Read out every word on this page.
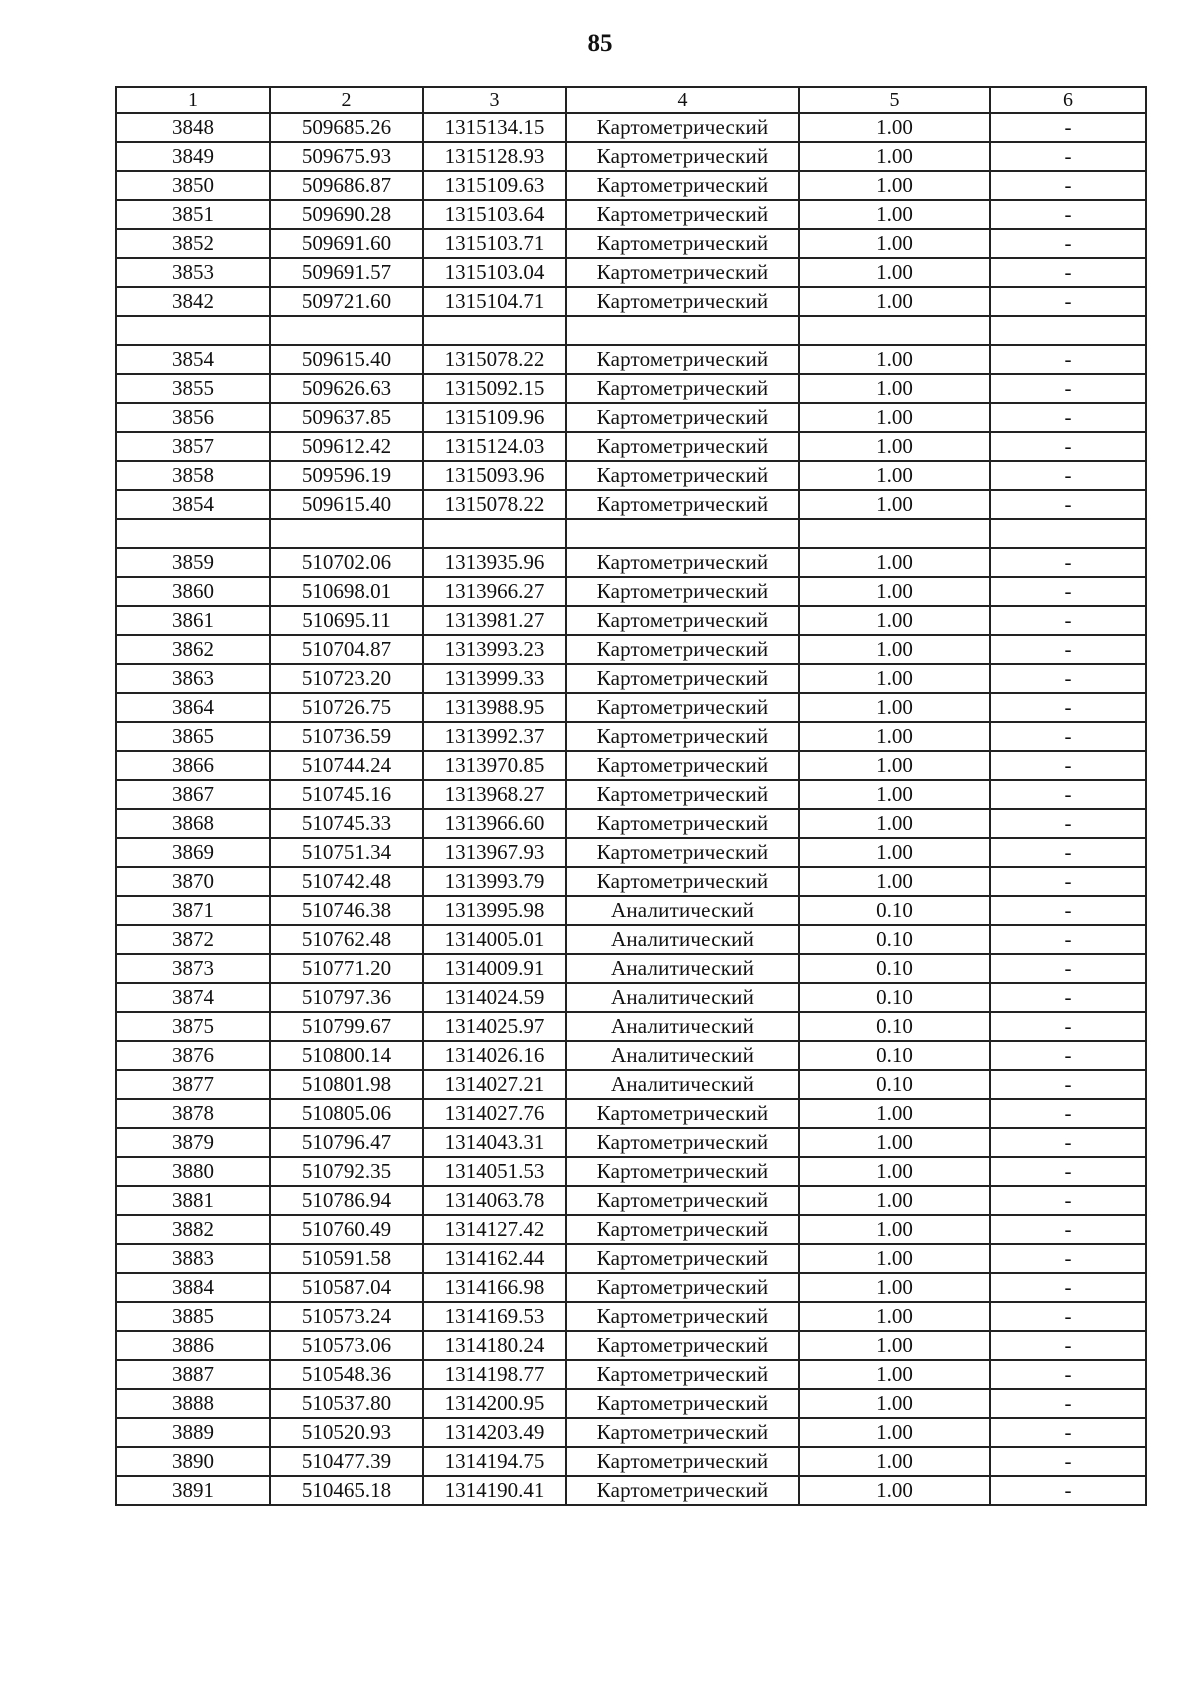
85
1	2	3	4	5	6
3848	509685.26	1315134.15	Картометрический	1.00	-
3849	509675.93	1315128.93	Картометрический	1.00	-
3850	509686.87	1315109.63	Картометрический	1.00	-
3851	509690.28	1315103.64	Картометрический	1.00	-
3852	509691.60	1315103.71	Картометрический	1.00	-
3853	509691.57	1315103.04	Картометрический	1.00	-
3842	509721.60	1315104.71	Картометрический	1.00	-

3854	509615.40	1315078.22	Картометрический	1.00	-
3855	509626.63	1315092.15	Картометрический	1.00	-
3856	509637.85	1315109.96	Картометрический	1.00	-
3857	509612.42	1315124.03	Картометрический	1.00	-
3858	509596.19	1315093.96	Картометрический	1.00	-
3854	509615.40	1315078.22	Картометрический	1.00	-

3859	510702.06	1313935.96	Картометрический	1.00	-
3860	510698.01	1313966.27	Картометрический	1.00	-
3861	510695.11	1313981.27	Картометрический	1.00	-
3862	510704.87	1313993.23	Картометрический	1.00	-
3863	510723.20	1313999.33	Картометрический	1.00	-
3864	510726.75	1313988.95	Картометрический	1.00	-
3865	510736.59	1313992.37	Картометрический	1.00	-
3866	510744.24	1313970.85	Картометрический	1.00	-
3867	510745.16	1313968.27	Картометрический	1.00	-
3868	510745.33	1313966.60	Картометрический	1.00	-
3869	510751.34	1313967.93	Картометрический	1.00	-
3870	510742.48	1313993.79	Картометрический	1.00	-
3871	510746.38	1313995.98	Аналитический	0.10	-
3872	510762.48	1314005.01	Аналитический	0.10	-
3873	510771.20	1314009.91	Аналитический	0.10	-
3874	510797.36	1314024.59	Аналитический	0.10	-
3875	510799.67	1314025.97	Аналитический	0.10	-
3876	510800.14	1314026.16	Аналитический	0.10	-
3877	510801.98	1314027.21	Аналитический	0.10	-
3878	510805.06	1314027.76	Картометрический	1.00	-
3879	510796.47	1314043.31	Картометрический	1.00	-
3880	510792.35	1314051.53	Картометрический	1.00	-
3881	510786.94	1314063.78	Картометрический	1.00	-
3882	510760.49	1314127.42	Картометрический	1.00	-
3883	510591.58	1314162.44	Картометрический	1.00	-
3884	510587.04	1314166.98	Картометрический	1.00	-
3885	510573.24	1314169.53	Картометрический	1.00	-
3886	510573.06	1314180.24	Картометрический	1.00	-
3887	510548.36	1314198.77	Картометрический	1.00	-
3888	510537.80	1314200.95	Картометрический	1.00	-
3889	510520.93	1314203.49	Картометрический	1.00	-
3890	510477.39	1314194.75	Картометрический	1.00	-
3891	510465.18	1314190.41	Картометрический	1.00	-
